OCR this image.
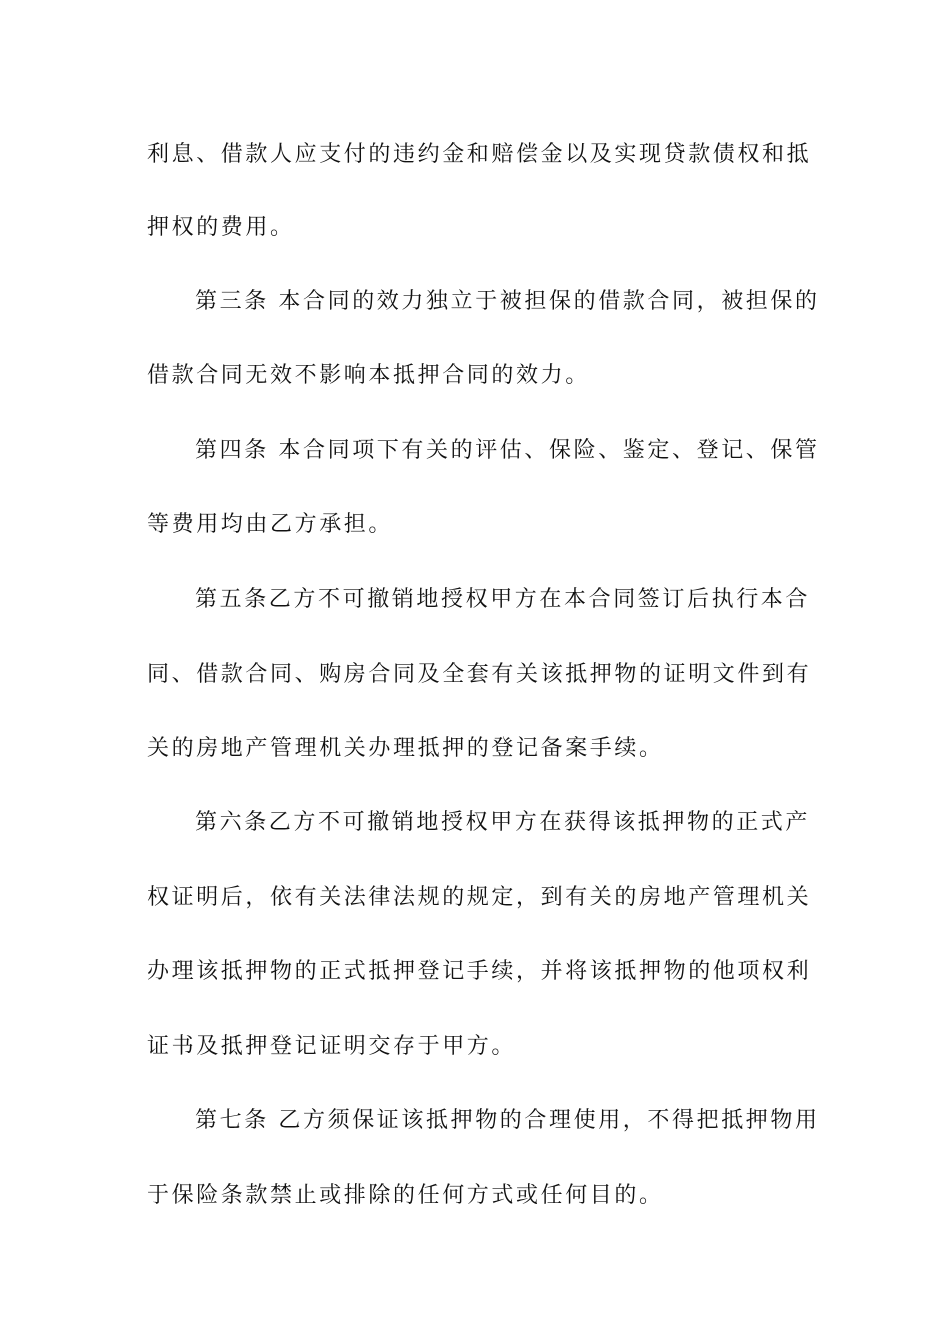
利息、借款人应支付的违约金和赔偿金以及实现贷款债权和抵
押权的费用。
第三条 本合同的效力独立于被担保的借款合同，被担保的
借款合同无效不影响本抵押合同的效力。
第四条 本合同项下有关的评估、保险、鉴定、登记、保管
等费用均由乙方承担。
第五条乙方不可撤销地授权甲方在本合同签订后执行本合
同、借款合同、购房合同及全套有关该抵押物的证明文件到有
关的房地产管理机关办理抵押的登记备案手续。
第六条乙方不可撤销地授权甲方在获得该抵押物的正式产
权证明后，依有关法律法规的规定，到有关的房地产管理机关
办理该抵押物的正式抵押登记手续，并将该抵押物的他项权利
证书及抵押登记证明交存于甲方。
第七条 乙方须保证该抵押物的合理使用，不得把抵押物用
于保险条款禁止或排除的任何方式或任何目的。
